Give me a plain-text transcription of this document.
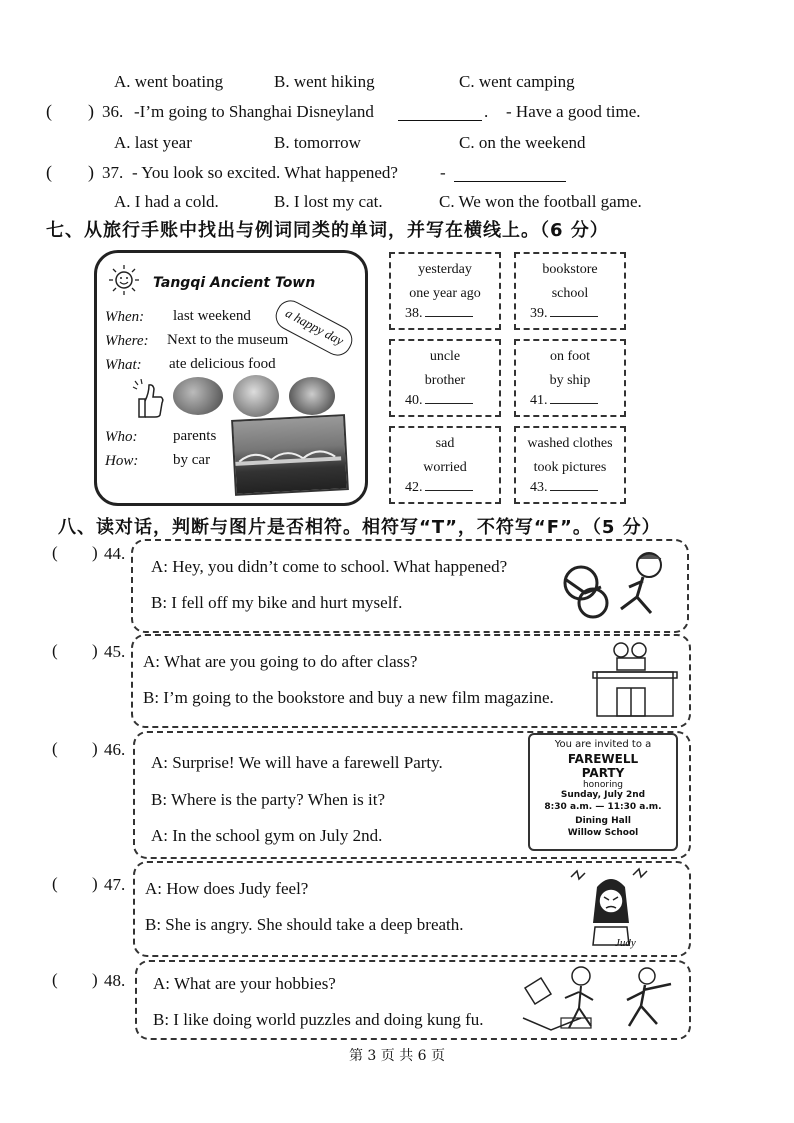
A. went boating	B. went hiking	C. went camping
( ) 36. -I’m going to Shanghai Disneyland	. - Have a good time.
A. last year	B. tomorrow	C. on the weekend
( ) 37. - You look so excited. What happened? -
A. I had a cold.	B. I lost my cat.	C. We won the football game.
七、从旅行手账中找出与例词同类的单词，并写在横线上。（6 分）
Tangqi Ancient Town
When: last weekend
Where: Next to the museum
What: ate delicious food
a happy day
Who: parents
How: by car
yesterday
one year ago
38.
bookstore
school
39.
uncle
brother
40.
on foot
by ship
41.
sad
worried
42.
washed clothes
took pictures
43.
八、读对话，判断与图片是否相符。相符写“T”，不符写“F”。（5 分）
( ) 44.
A: Hey, you didn’t come to school. What happened?
B: I fell off my bike and hurt myself.
( ) 45.
A: What are you going to do after class?
B: I’m going to the bookstore and buy a new film magazine.
( ) 46.
A: Surprise! We will have a farewell Party.
B: Where is the party? When is it?
A: In the school gym on July 2nd.
You are invited to a
FAREWELL
PARTY
honoring
Sunday, July 2nd
8:30 a.m. — 11:30 a.m.
Dining Hall
Willow School
( ) 47. A: How does Judy feel?
B: She is angry. She should take a deep breath.
Judy
( ) 48. A: What are your hobbies?
B: I like doing world puzzles and doing kung fu.
第 3 页 共 6 页
